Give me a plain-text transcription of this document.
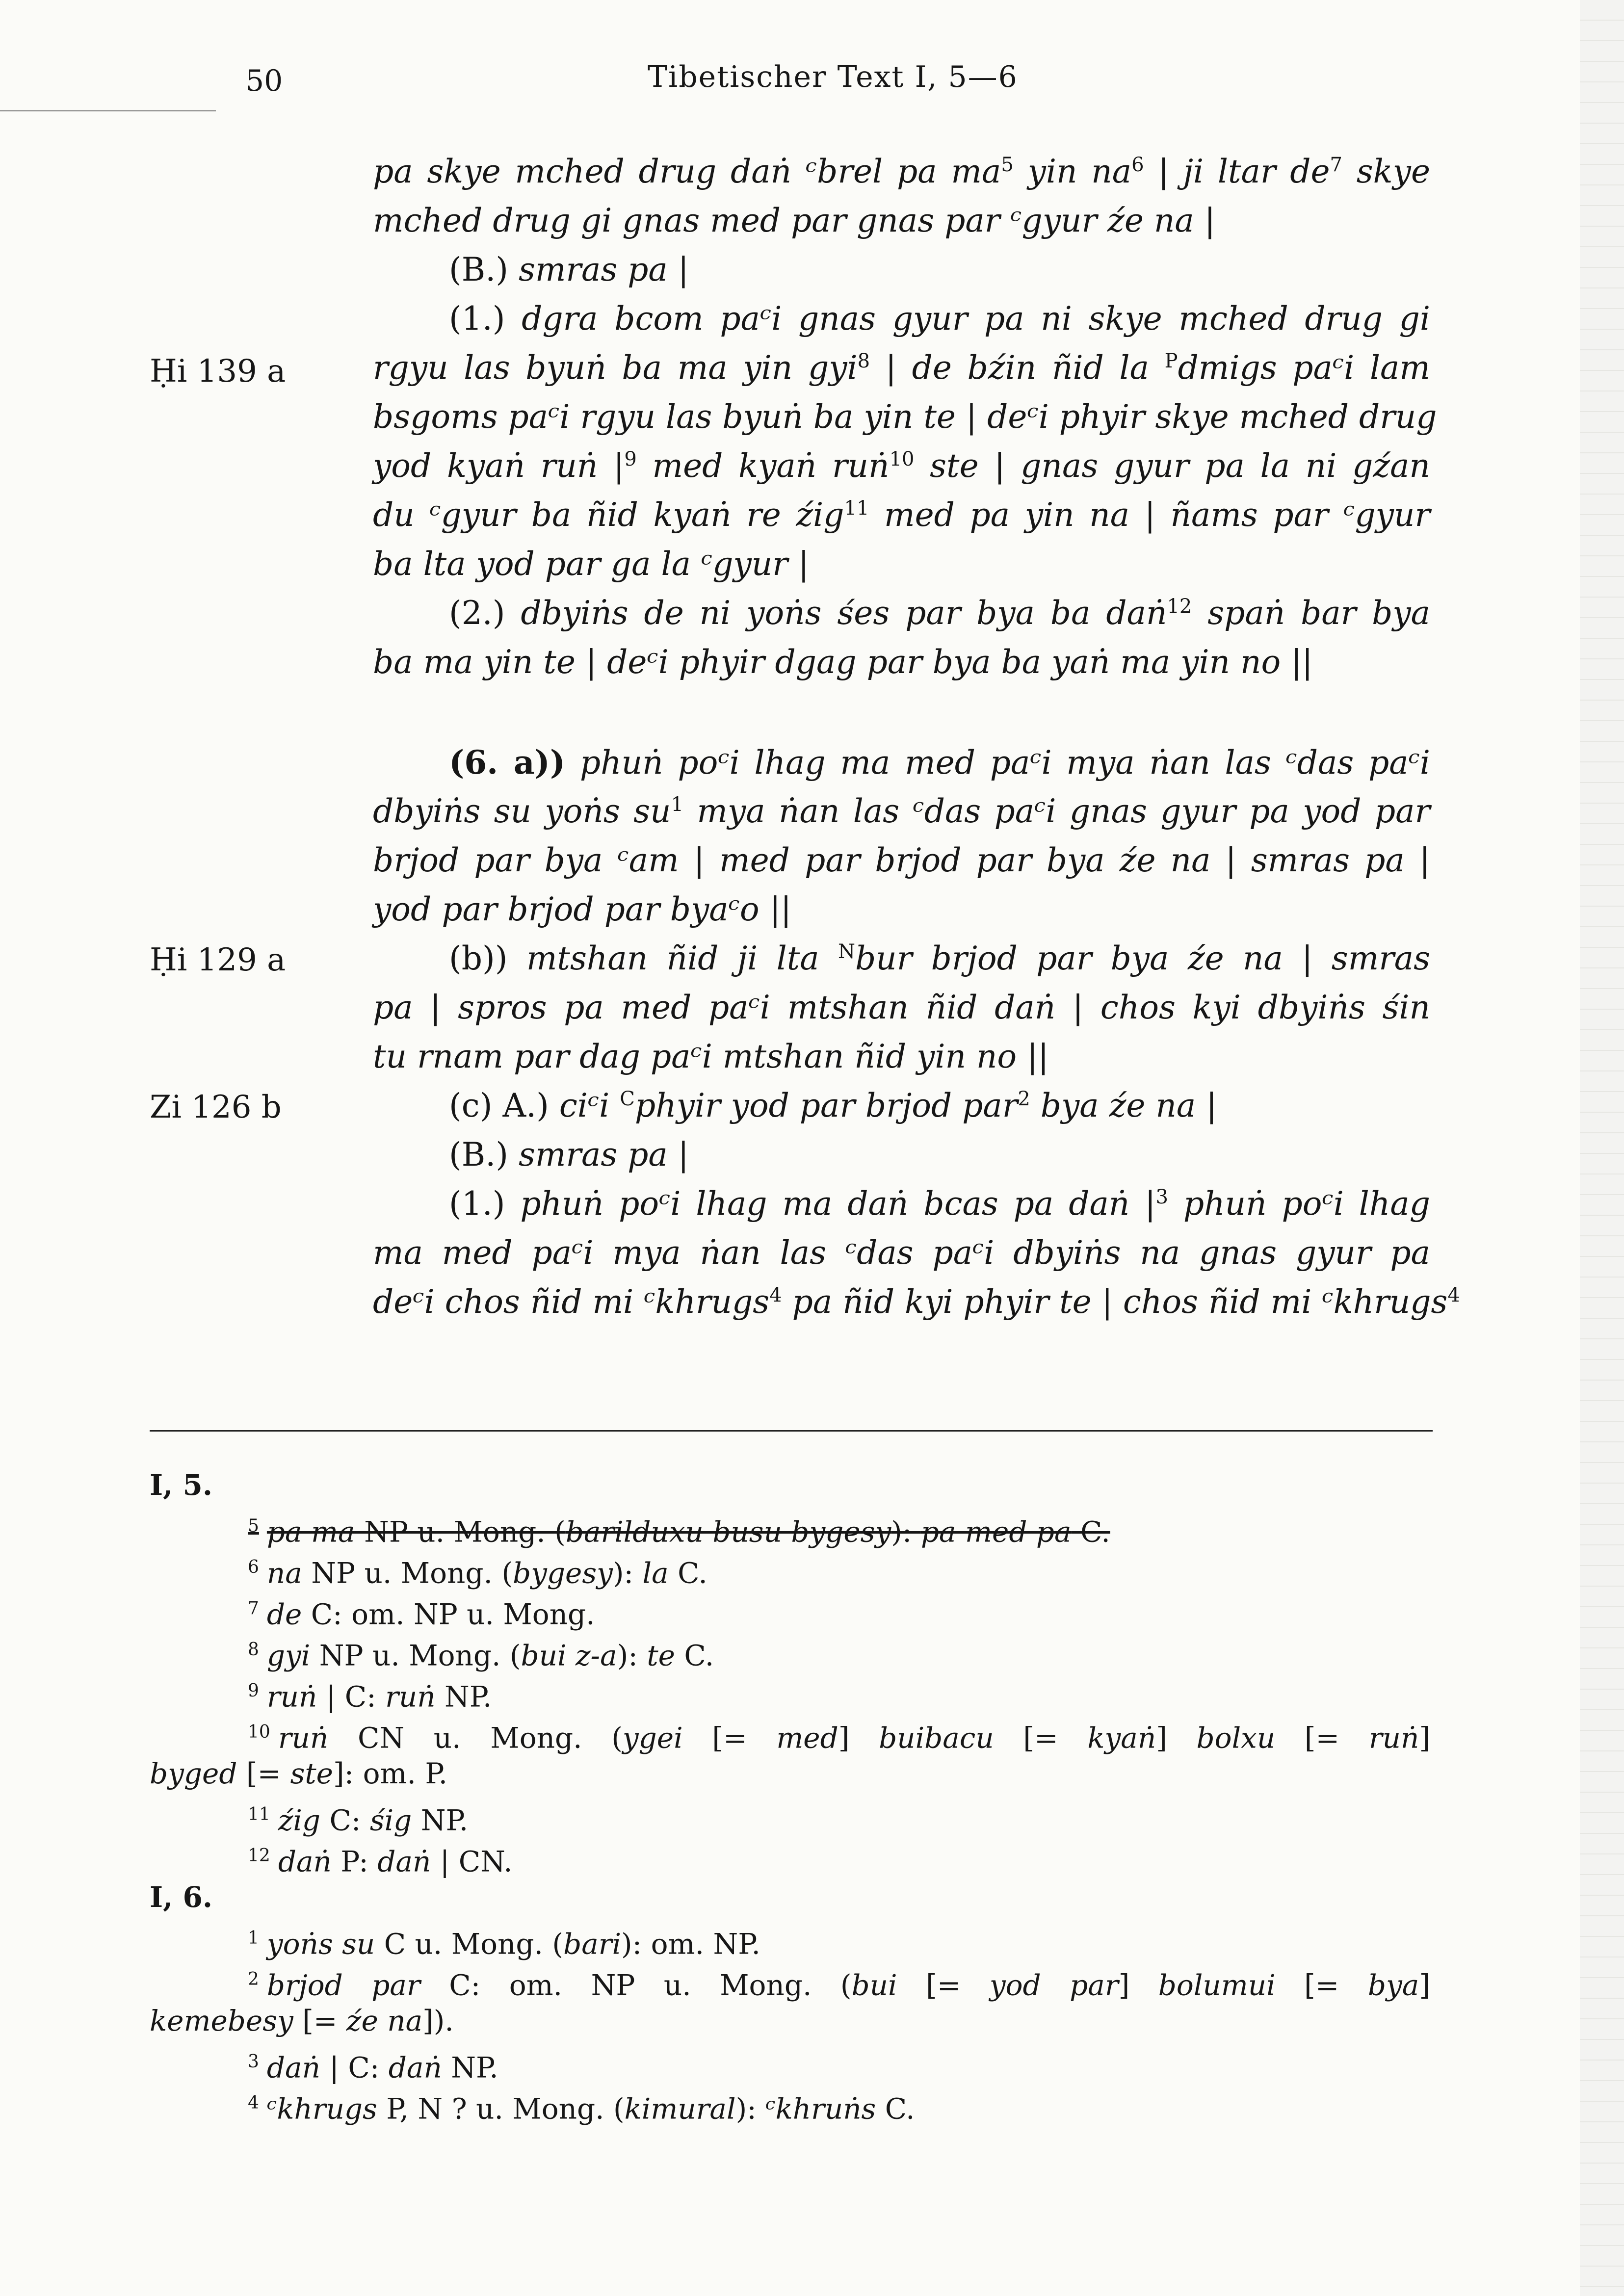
50	Tibetischer Text I, 5—6
Ḥi 139 a
Ḥi 129 a
Zi 126 b
pa skye mched drug daṅ ᶜbrel pa $ma^5$ yin $na^6$ | ji ltar $de^7$ skye
mched drug gi gnas med par gnas par ᶜgyur źe na |
(B.) smras pa |
(1.) dgra bcom paᶜi gnas gyur pa ni skye mched drug gi
rgyu las byuṅ ba ma yin gyi$^8$ | de bźin ñid la $^P$dmigs paᶜi lam
bsgoms paᶜi rgyu las byuṅ ba yin te | deᶜi phyir skye mched drug
yod kyaṅ ruṅ $|^9$ med kyaṅ ruṅ$^{10}$ ste | gnas gyur pa la ni gźan
du ᶜgyur ba ñid kyaṅ re źig$^{11}$ med pa yin na | ñams par ᶜgyur
ba lta yod par ga la ᶜgyur |
(2.) dbyiṅs de ni yoṅs śes par bya ba daṅ$^{12}$ spaṅ bar bya
ba ma yin te | deᶜi phyir dgag par bya ba yaṅ ma yin no ||
(6. a)) phuṅ poᶜi lhag ma med paᶜi mya ṅan las ᶜdas paᶜi
dbyiṅs su yoṅs $su^1$ mya ṅan las ᶜdas paᶜi gnas gyur pa yod par
brjod par bya ᶜam | med par brjod par bya źe na | smras pa |
yod par brjod par byaᶜo ||
(b)) mtshan ñid ji lta $^N$bur brjod par bya źe na | smras
pa | spros pa med paᶜi mtshan ñid daṅ | chos kyi dbyiṅs śin
tu rnam par dag paᶜi mtshan ñid yin no ||
(c) A.) ciᶜi $^C$phyir yod par brjod par$^2$ bya źe na |
(B.) smras pa |
(1.) phuṅ poᶜi lhag ma daṅ bcas pa daṅ $|^3$ phuṅ poᶜi lhag
ma med paᶜi mya ṅan las ᶜdas paᶜi dbyiṅs na gnas gyur pa
deᶜi chos ñid mi ᶜkhrugs$^4$ pa ñid kyi phyir te | chos ñid mi ᶜkhrugs$^4$
I, 5.
$^5$ pa ma NP u. Mong. (barilduxu busu bygesy): pa med pa C.
$^6$ na NP u. Mong. (bygesy): la C.
$^7$ de C: om. NP u. Mong.
$^8$ gyi NP u. Mong. (bui z-a): te C.
$^9$ ruṅ | C: ruṅ NP.
$^{10}$ ruṅ CN u. Mong. (ygei [= med] buibacu [= kyaṅ] bolxu [= ruṅ]
byged [= ste]: om. P.
$^{11}$ źig C: śig NP.
$^{12}$ daṅ P: daṅ | CN.
I, 6.
$^1$ yoṅs su C u. Mong. (bari): om. NP.
$^2$ brjod par C: om. NP u. Mong. (bui [= yod par] bolumui [= bya]
kemebesy [= źe na]).
$^3$ daṅ | C: daṅ NP.
$^4$ ᶜkhrugs P, N ? u. Mong. (kimural): ᶜkhruṅs C.
